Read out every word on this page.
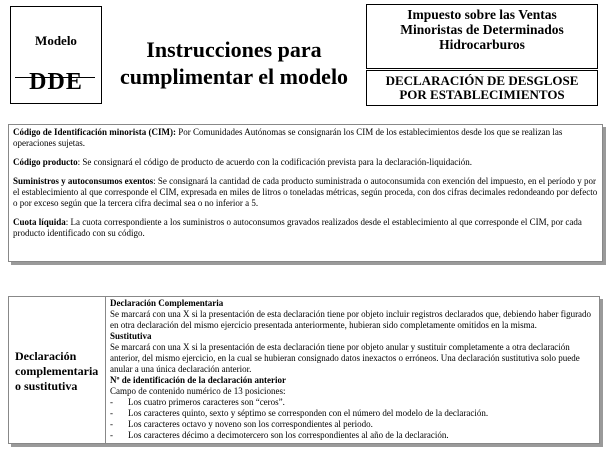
Modelo
DDE
Instrucciones para
cumplimentar el modelo
Impuesto sobre las Ventas
Minoristas de Determinados
Hidrocarburos
DECLARACIÓN DE DESGLOSE
POR ESTABLECIMIENTOS

Código de Identificación minorista (CIM): Por Comunidades Autónomas se consignarán los CIM de los establecimientos desde los que se realizan las operaciones sujetas.

Código producto: Se consignará el código de producto de acuerdo con la codificación prevista para la declaración-liquidación.

Suministros y autoconsumos exentos: Se consignará la cantidad de cada producto suministrada o autoconsumida con exención del impuesto, en el período y por el establecimiento al que corresponde el CIM, expresada en miles de litros o toneladas métricas, según proceda, con dos cifras decimales redondeando por defecto o por exceso según que la tercera cifra decimal sea o no inferior a 5.

Cuota líquida: La cuota correspondiente a los suministros o autoconsumos gravados realizados desde el establecimiento al que corresponde el CIM, por cada producto identificado con su código.

Declaración complementaria o sustitutiva
Declaración Complementaria
Se marcará con una X si la presentación de esta declaración tiene por objeto incluir registros declarados que, debiendo haber figurado en otra declaración del mismo ejercicio presentada anteriormente, hubieran sido completamente omitidos en la misma.
Sustitutiva
Se marcará con una X si la presentación de esta declaración tiene por objeto anular y sustituir completamente a otra declaración anterior, del mismo ejercicio, en la cual se hubieran consignado datos inexactos o erróneos. Una declaración sustitutiva solo puede anular a una única declaración anterior.
Nº de identificación de la declaración anterior
Campo de contenido numérico de 13 posiciones:
- Los cuatro primeros caracteres son “ceros”.
- Los caracteres quinto, sexto y séptimo se corresponden con el número del modelo de la declaración.
- Los caracteres octavo y noveno son los correspondientes al periodo.
- Los caracteres décimo a decimotercero son los correspondientes al año de la declaración.
